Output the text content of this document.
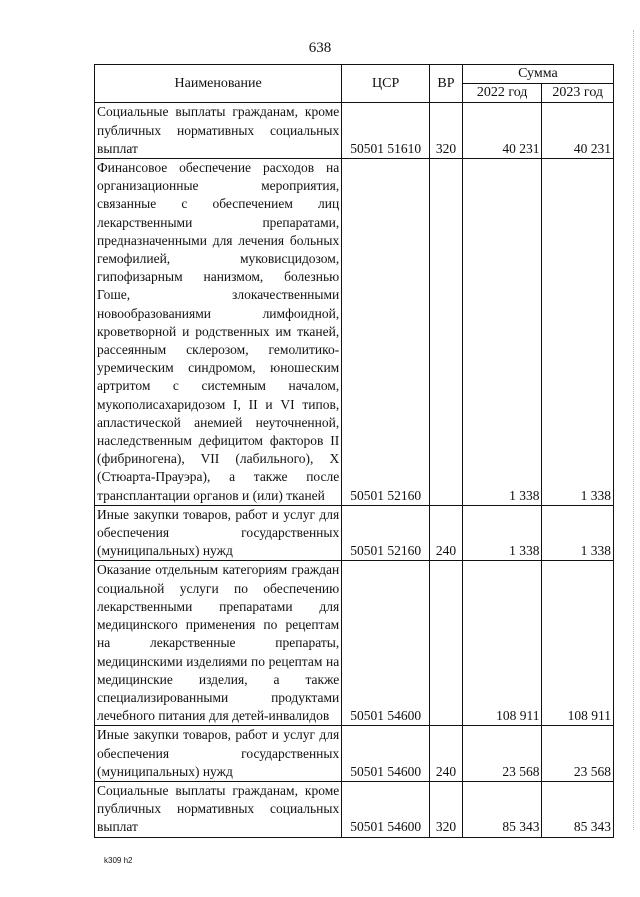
638
Наименование	ЦСР	ВР	Сумма	
			2022 год	2023 год
Социальные выплаты гражданам, кроме публичных нормативных социальных выплат	50501 51610	320	40 231	40 231
Финансовое обеспечение расходов на организационные мероприятия, связанные с обеспечением лиц лекарственными препаратами, предназначенными для лечения больных гемофилией, муковисцидозом, гипофизарным нанизмом, болезнью Гоше, злокачественными новообразованиями лимфоидной, кроветворной и родственных им тканей, рассеянным склерозом, гемолитико-уремическим синдромом, юношеским артритом с системным началом, мукополисахаридозом I, II и VI типов, апластической анемией неуточненной, наследственным дефицитом факторов II (фибриногена), VII (лабильного), X (Стюарта-Прауэра), а также после трансплантации органов и (или) тканей	50501 52160		1 338	1 338
Иные закупки товаров, работ и услуг для обеспечения государственных (муниципальных) нужд	50501 52160	240	1 338	1 338
Оказание отдельным категориям граждан социальной услуги по обеспечению лекарственными препаратами для медицинского применения по рецептам на лекарственные препараты, медицинскими изделиями по рецептам на медицинские изделия, а также специализированными продуктами лечебного питания для детей-инвалидов	50501 54600		108 911	108 911
Иные закупки товаров, работ и услуг для обеспечения государственных (муниципальных) нужд	50501 54600	240	23 568	23 568
Социальные выплаты гражданам, кроме публичных нормативных социальных выплат	50501 54600	320	85 343	85 343
k309 h2
